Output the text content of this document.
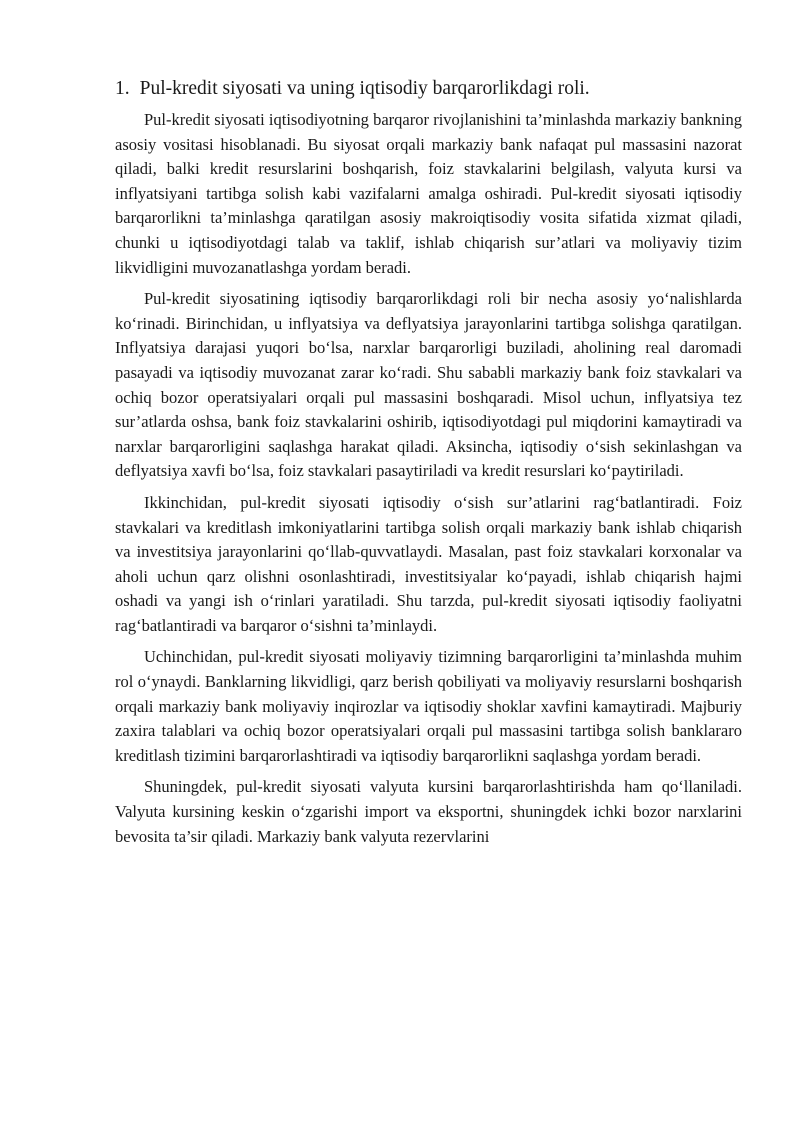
1. Pul-kredit siyosati va uning iqtisodiy barqarorlikdagi roli.

Pul-kredit siyosati iqtisodiyotning barqaror rivojlanishini ta’minlashda markaziy bankning asosiy vositasi hisoblanadi. Bu siyosat orqali markaziy bank nafaqat pul massasini nazorat qiladi, balki kredit resurslarini boshqarish, foiz stavkalarini belgilash, valyuta kursi va inflyatsiyani tartibga solish kabi vazifalarni amalga oshiradi. Pul-kredit siyosati iqtisodiy barqarorlikni ta’minlashga qaratilgan asosiy makroiqtisodiy vosita sifatida xizmat qiladi, chunki u iqtisodiyotdagi talab va taklif, ishlab chiqarish sur’atlari va moliyaviy tizim likvidligini muvozanatlashga yordam beradi.

Pul-kredit siyosatining iqtisodiy barqarorlikdagi roli bir necha asosiy yo‘nalishlarda ko‘rinadi. Birinchidan, u inflyatsiya va deflyatsiya jarayonlarini tartibga solishga qaratilgan. Inflyatsiya darajasi yuqori bo‘lsa, narxlar barqarorligi buziladi, aholining real daromadi pasayadi va iqtisodiy muvozanat zarar ko‘radi. Shu sababli markaziy bank foiz stavkalari va ochiq bozor operatsiyalari orqali pul massasini boshqaradi. Misol uchun, inflyatsiya tez sur’atlarda oshsa, bank foiz stavkalarini oshirib, iqtisodiyotdagi pul miqdorini kamaytiradi va narxlar barqarorligini saqlashga harakat qiladi. Aksincha, iqtisodiy o‘sish sekinlashgan va deflyatsiya xavfi bo‘lsa, foiz stavkalari pasaytiriladi va kredit resurslari ko‘paytiriladi.

Ikkinchidan, pul-kredit siyosati iqtisodiy o‘sish sur’atlarini rag‘batlantiradi. Foiz stavkalari va kreditlash imkoniyatlarini tartibga solish orqali markaziy bank ishlab chiqarish va investitsiya jarayonlarini qo‘llab-quvvatlaydi. Masalan, past foiz stavkalari korxonalar va aholi uchun qarz olishni osonlashtiradi, investitsiyalar ko‘payadi, ishlab chiqarish hajmi oshadi va yangi ish o‘rinlari yaratiladi. Shu tarzda, pul-kredit siyosati iqtisodiy faoliyatni rag‘batlantiradi va barqaror o‘sishni ta’minlaydi.

Uchinchidan, pul-kredit siyosati moliyaviy tizimning barqarorligini ta’minlashda muhim rol o‘ynaydi. Banklarning likvidligi, qarz berish qobiliyati va moliyaviy resurslarni boshqarish orqali markaziy bank moliyaviy inqirozlar va iqtisodiy shoklar xavfini kamaytiradi. Majburiy zaxira talablari va ochiq bozor operatsiyalari orqali pul massasini tartibga solish banklararo kreditlash tizimini barqarorlashtiradi va iqtisodiy barqarorlikni saqlashga yordam beradi.

Shuningdek, pul-kredit siyosati valyuta kursini barqarorlashtirishda ham qo‘llaniladi. Valyuta kursining keskin o‘zgarishi import va eksportni, shuningdek ichki bozor narxlarini bevosita ta’sir qiladi. Markaziy bank valyuta rezervlarini
